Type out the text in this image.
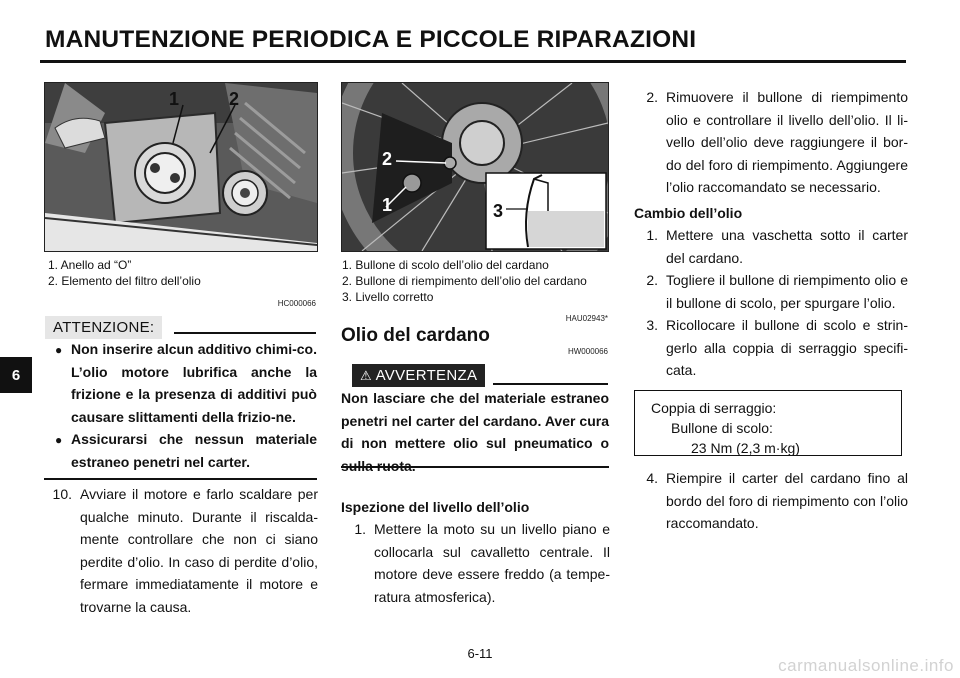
MANUTENZIONE PERIODICA E PICCOLE RIPARAZIONI
6
1	2
1. Anello ad “O”
2. Elemento del filtro dell’olio
HC000066
ATTENZIONE:
● Non inserire alcun additivo chimi-co. L’olio motore lubrifica anche la frizione e la presenza di additivi può causare slittamenti della frizio-ne.
● Assicurarsi che nessun materiale estraneo penetri nel carter.
10. Avviare il motore e farlo scaldare per qualche minuto. Durante il riscalda-mente controllare che non ci siano perdite d’olio. In caso di perdite d’olio, fermare immediatamente il motore e trovarne la causa.
2
1	3
1. Bullone di scolo dell’olio del cardano
2. Bullone di riempimento dell’olio del cardano
3. Livello corretto
HAU02943*
Olio del cardano
HW000066
⚠ AVVERTENZA
Non lasciare che del materiale estraneo penetri nel carter del cardano. Aver cura di non mettere olio sul pneumatico o
Ispezione del livello dell’olio
1. Mettere la moto su un livello piano e collocarla sul cavalletto centrale. Il motore deve essere freddo (a tempe-ratura atmosferica).
2. Rimuovere il bullone di riempimento olio e controllare il livello dell’olio. Il li-vello dell’olio deve raggiungere il bor-do del foro di riempimento. Aggiungere l’olio raccomandato se necessario.
Cambio dell’olio
1. Mettere una vaschetta sotto il carter del cardano.
2. Togliere il bullone di riempimento olio e il bullone di scolo, per spurgare l’olio.
3. Ricollocare il bullone di scolo e strin-gerlo alla coppia di serraggio specifi-cata.
Coppia di serraggio:
Bullone di scolo:
23 Nm (2,3 m·kg)
4. Riempire il carter del cardano fino al bordo del foro di riempimento con l’olio raccomandato.
6-11
carmanualsonline.info
